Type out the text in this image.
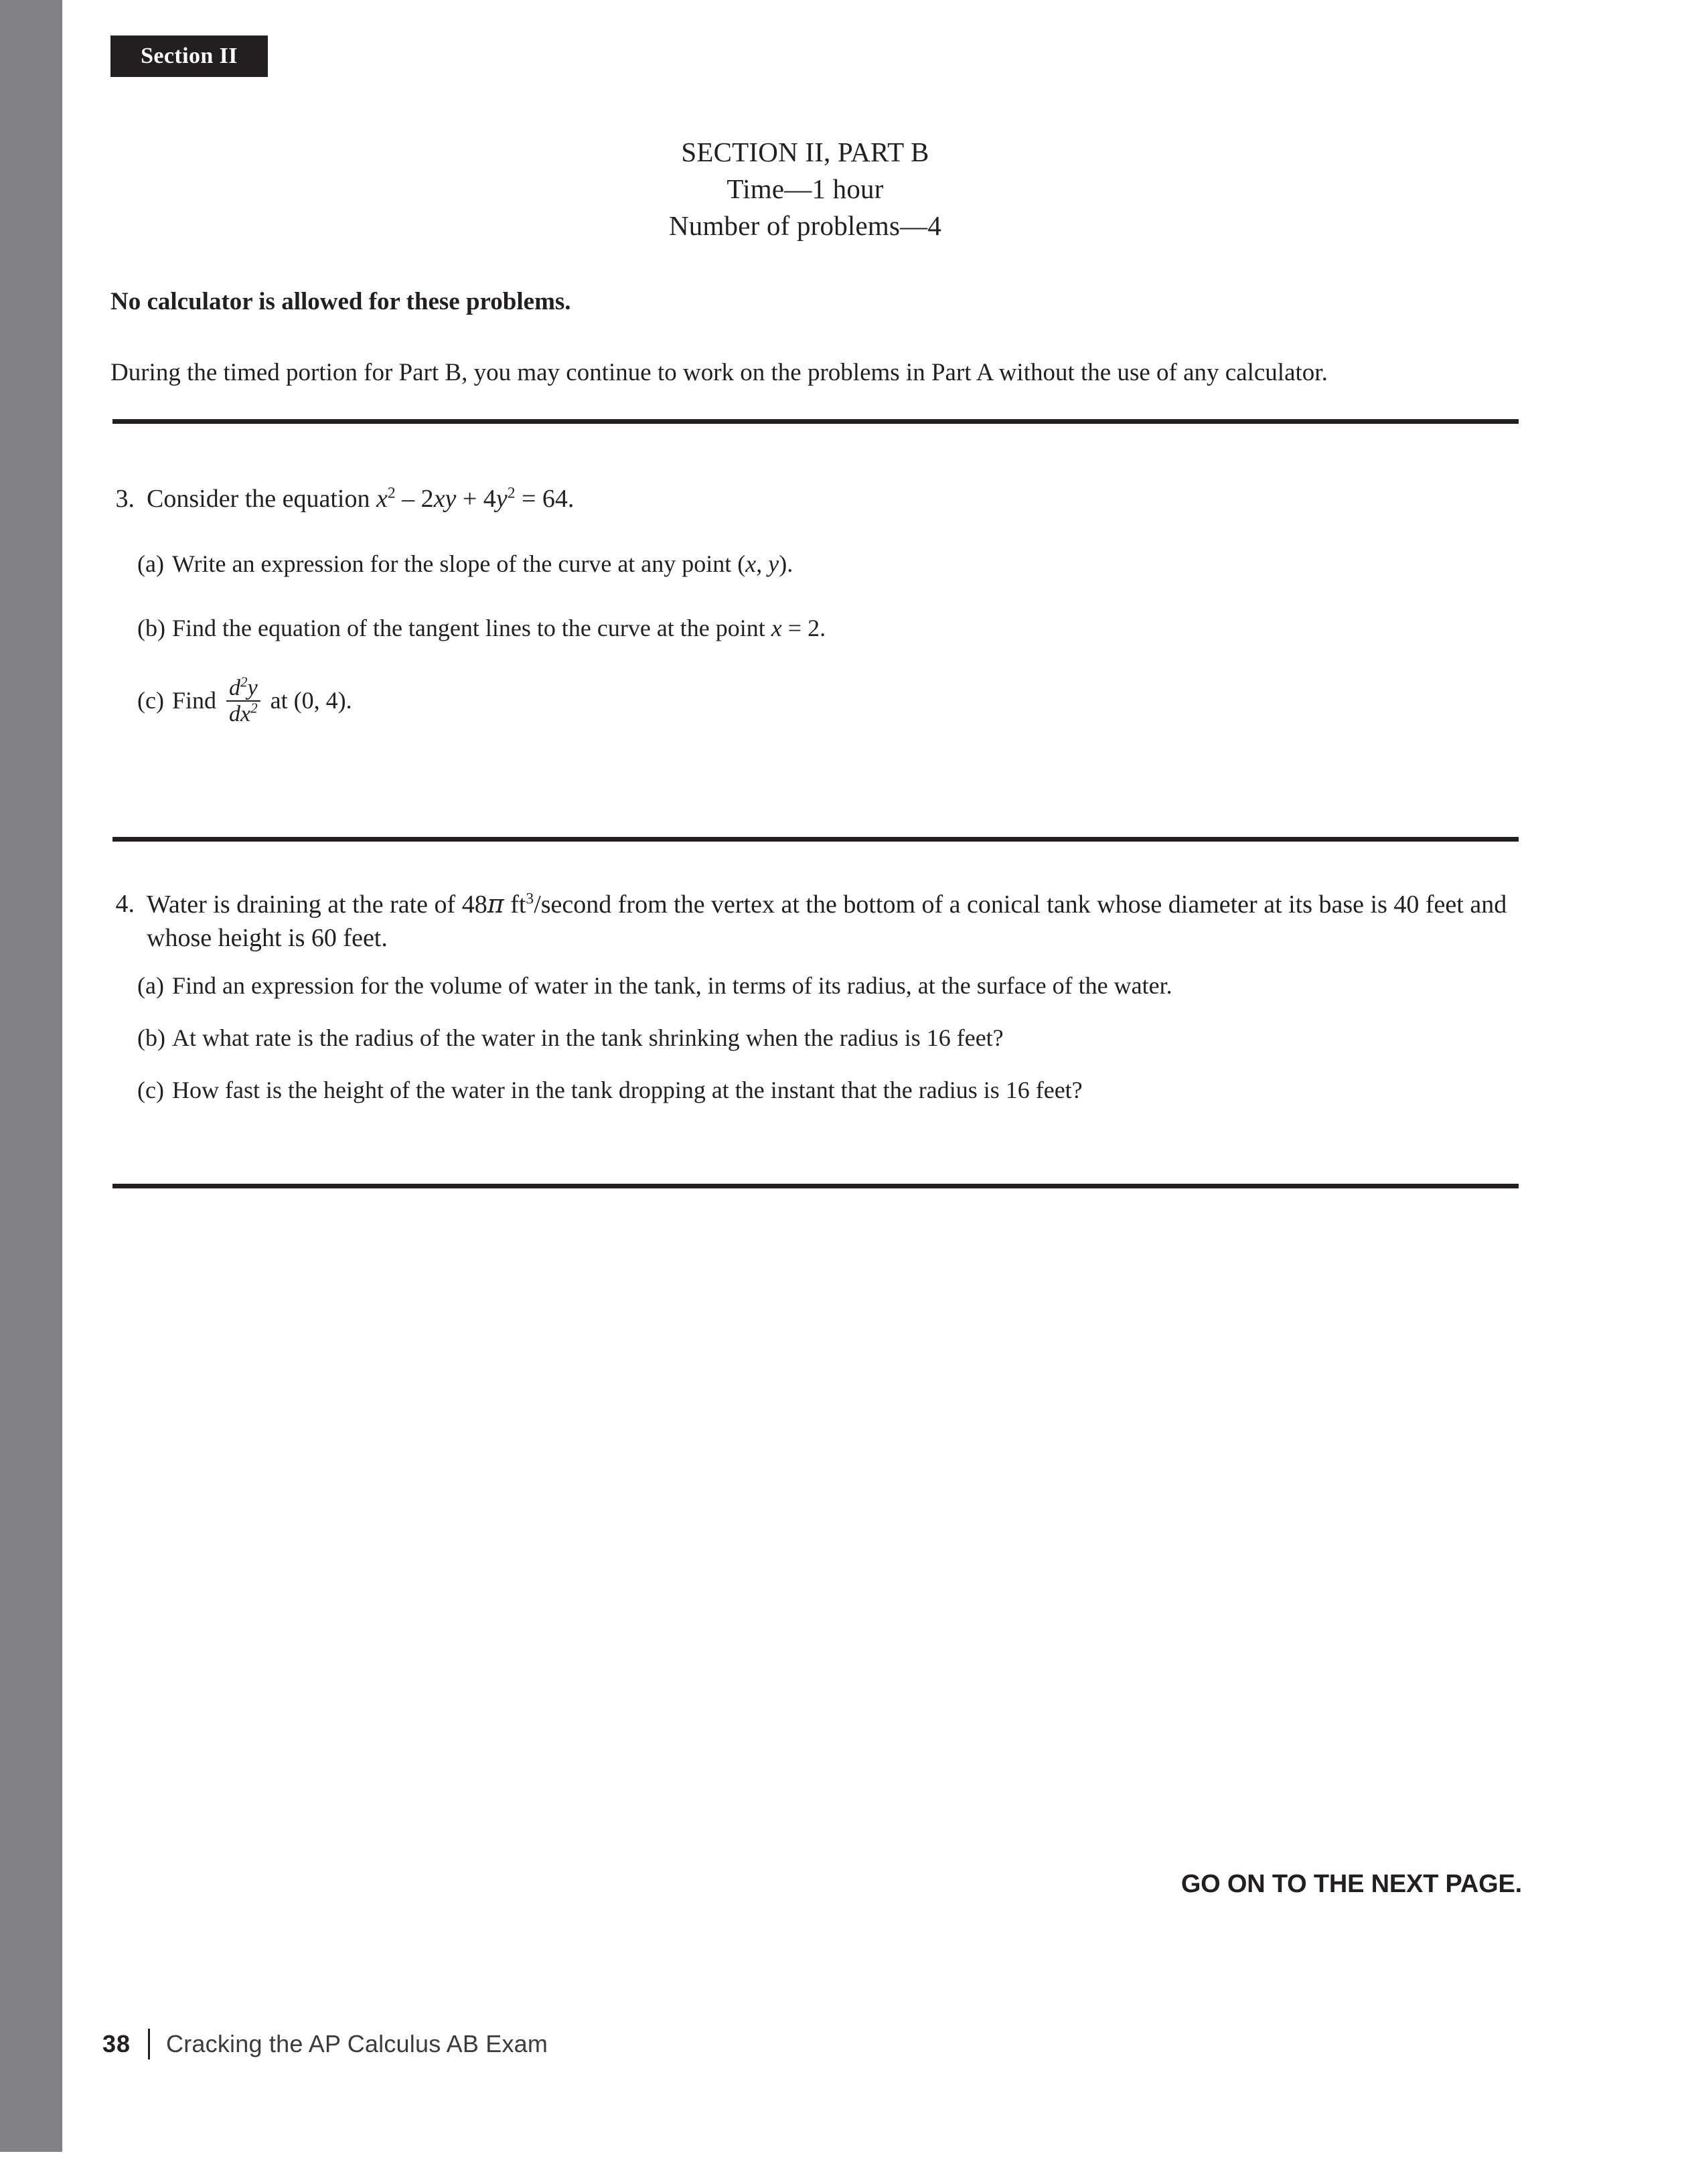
Section II
SECTION II, PART B
Time—1 hour
Number of problems—4
No calculator is allowed for these problems.
During the timed portion for Part B, you may continue to work on the problems in Part A without the use of any calculator.
3. Consider the equation $x^2 - 2xy + 4y^2 = 64$.
(a) Write an expression for the slope of the curve at any point (x, y).
(b) Find the equation of the tangent lines to the curve at the point x = 2.
(c) Find $\frac{d^2y}{dx^2}$ at (0, 4).
4. Water is draining at the rate of 48π $ft^3$/second from the vertex at the bottom of a conical tank whose diameter at its base is 40 feet and whose height is 60 feet.
(a) Find an expression for the volume of water in the tank, in terms of its radius, at the surface of the water.
(b) At what rate is the radius of the water in the tank shrinking when the radius is 16 feet?
(c) How fast is the height of the water in the tank dropping at the instant that the radius is 16 feet?
GO ON TO THE NEXT PAGE.
38 Cracking the AP Calculus AB Exam
